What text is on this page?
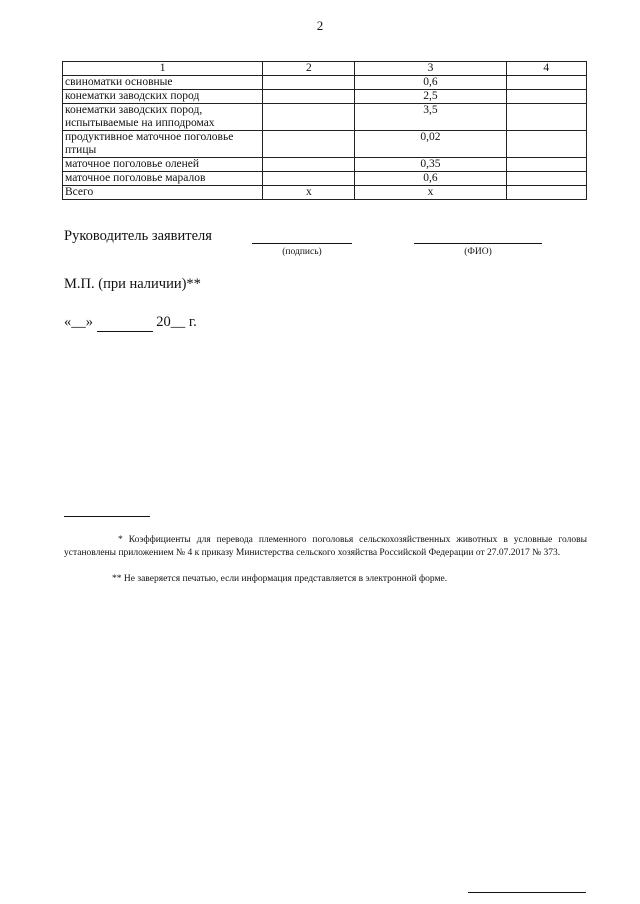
2
1	2	3	4
свиноматки основные		0,6	
конематки заводских пород		2,5	
конематки заводских пород, испытываемые на ипподромах		3,5	
продуктивное маточное поголовье птицы		0,02	
маточное поголовье оленей		0,35	
маточное поголовье маралов		0,6	
Всего	х	х	
Руководитель заявителя
(подпись)	(ФИО)
М.П. (при наличии)**
«__»	20__ г.
* Коэффициенты для перевода племенного поголовья сельскохозяйственных животных в условные головы установлены приложением № 4 к приказу Министерства сельского хозяйства Российской Федерации от 27.07.2017 № 373.
** Не заверяется печатью, если информация представляется в электронной форме.
